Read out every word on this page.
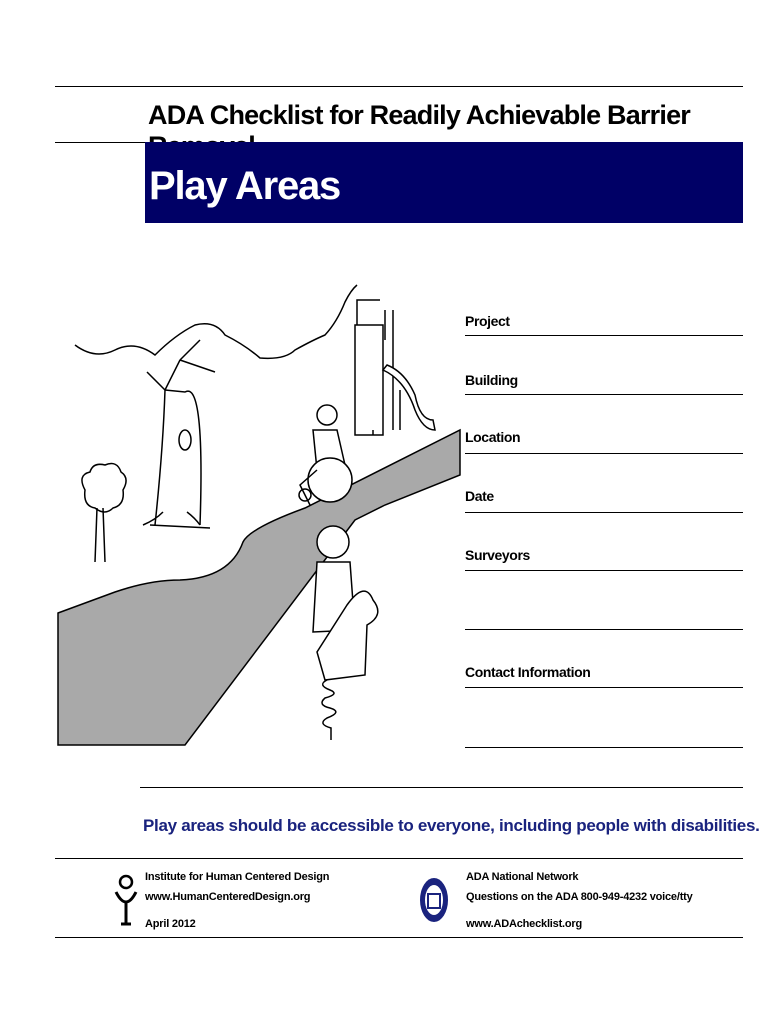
ADA Checklist for Readily Achievable Barrier
Play Areas
Project
Building
Location
Date
Surveyors
Contact Information
Play areas should be accessible to everyone, including people with disabilities.
Institute for Human Centered Design
www.HumanCenteredDesign.org
April 2012
ADA National Network
Questions on the ADA 800-949-4232 voice/tty
www.ADAchecklist.org
